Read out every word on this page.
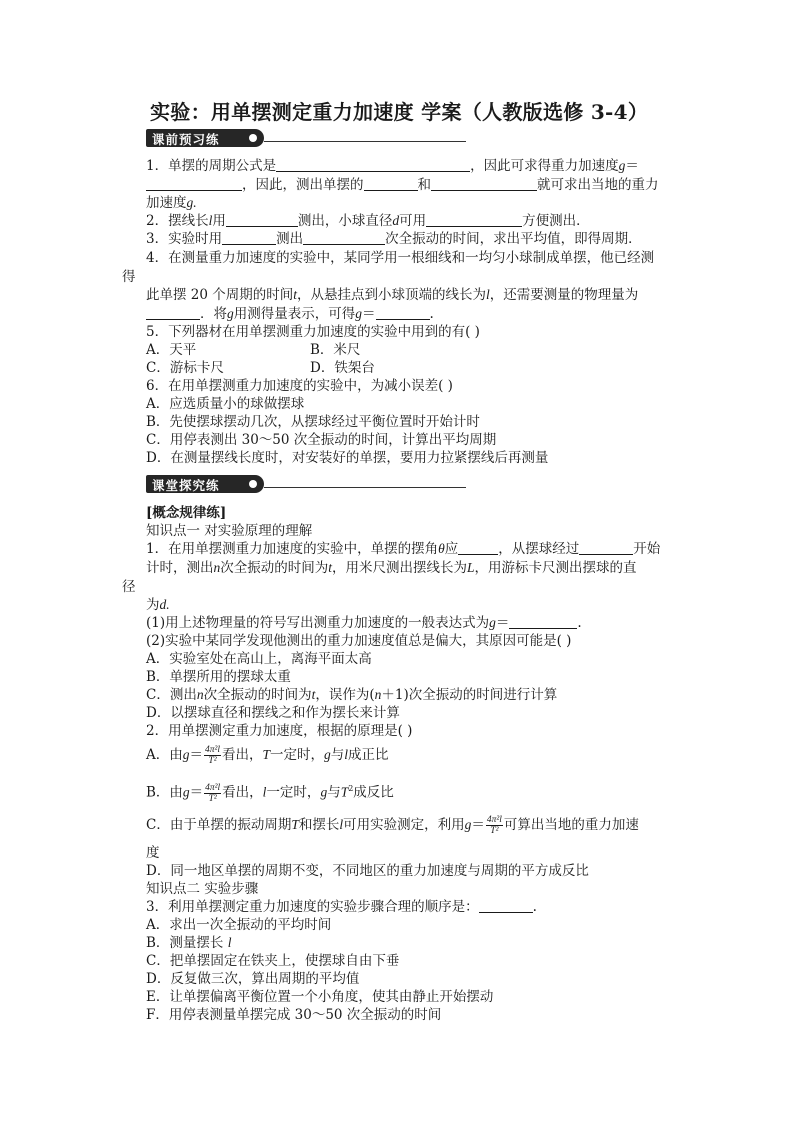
实验：用单摆测定重力加速度 学案（人教版选修 3-4）
课前预习练
1．单摆的周期公式是	，因此可求得重力加速度g＝
，因此，测出单摆的	和	就可求出当地的重力
加速度g.
2．摆线长l用	测出，小球直径d可用	方便测出．
3．实验时用	测出	次全振动的时间，求出平均值，即得周期．
4．在测量重力加速度的实验中，某同学用一根细线和一均匀小球制成单摆，他已经测
得
此单摆 20 个周期的时间t，从悬挂点到小球顶端的线长为l，还需要测量的物理量为
．将g用测得量表示，可得g＝	.
5．下列器材在用单摆测重力加速度的实验中用到的有( )
A．天平	B．米尺
C．游标卡尺	D．铁架台
6．在用单摆测重力加速度的实验中，为减小误差( )
A．应选质量小的球做摆球
B．先使摆球摆动几次，从摆球经过平衡位置时开始计时
C．用停表测出 30～50 次全振动的时间，计算出平均周期
D．在测量摆线长度时，对安装好的单摆，要用力拉紧摆线后再测量
课堂探究练
[概念规律练]
知识点一 对实验原理的理解
1．在用单摆测重力加速度的实验中，单摆的摆角θ应	，从摆球经过	开始
计时，测出n次全振动的时间为t，用米尺测出摆线长为L，用游标卡尺测出摆球的直
径
为d.
(1)用上述物理量的符号写出测重力加速度的一般表达式为g＝	.
(2)实验中某同学发现他测出的重力加速度值总是偏大，其原因可能是( )
A．实验室处在高山上，离海平面太高
B．单摆所用的摆球太重
C．测出n次全振动的时间为t，误作为(n＋1)次全振动的时间进行计算
D．以摆球直径和摆线之和作为摆长来计算
2．用单摆测定重力加速度，根据的原理是( )
A．由$g= \frac{\text{4π²l}}{\text{T²}}$ 看出，T一定时，g与l成正比
B．由$g= \frac{\text{4π²l}}{\text{T²}}$ 看出，l一定时，g与$T^2$成反比
C．由于单摆的振动周期T和摆长l可用实验测定，利用$g= \frac{\text{4π²l}}{\text{T²}}$ 可算出当地的重力加速
度
D．同一地区单摆的周期不变，不同地区的重力加速度与周期的平方成反比
知识点二 实验步骤
3．利用单摆测定重力加速度的实验步骤合理的顺序是：	.
A．求出一次全振动的平均时间
B．测量摆长 l
C．把单摆固定在铁夹上，使摆球自由下垂
D．反复做三次，算出周期的平均值
E．让单摆偏离平衡位置一个小角度，使其由静止开始摆动
F．用停表测量单摆完成 30～50 次全振动的时间
